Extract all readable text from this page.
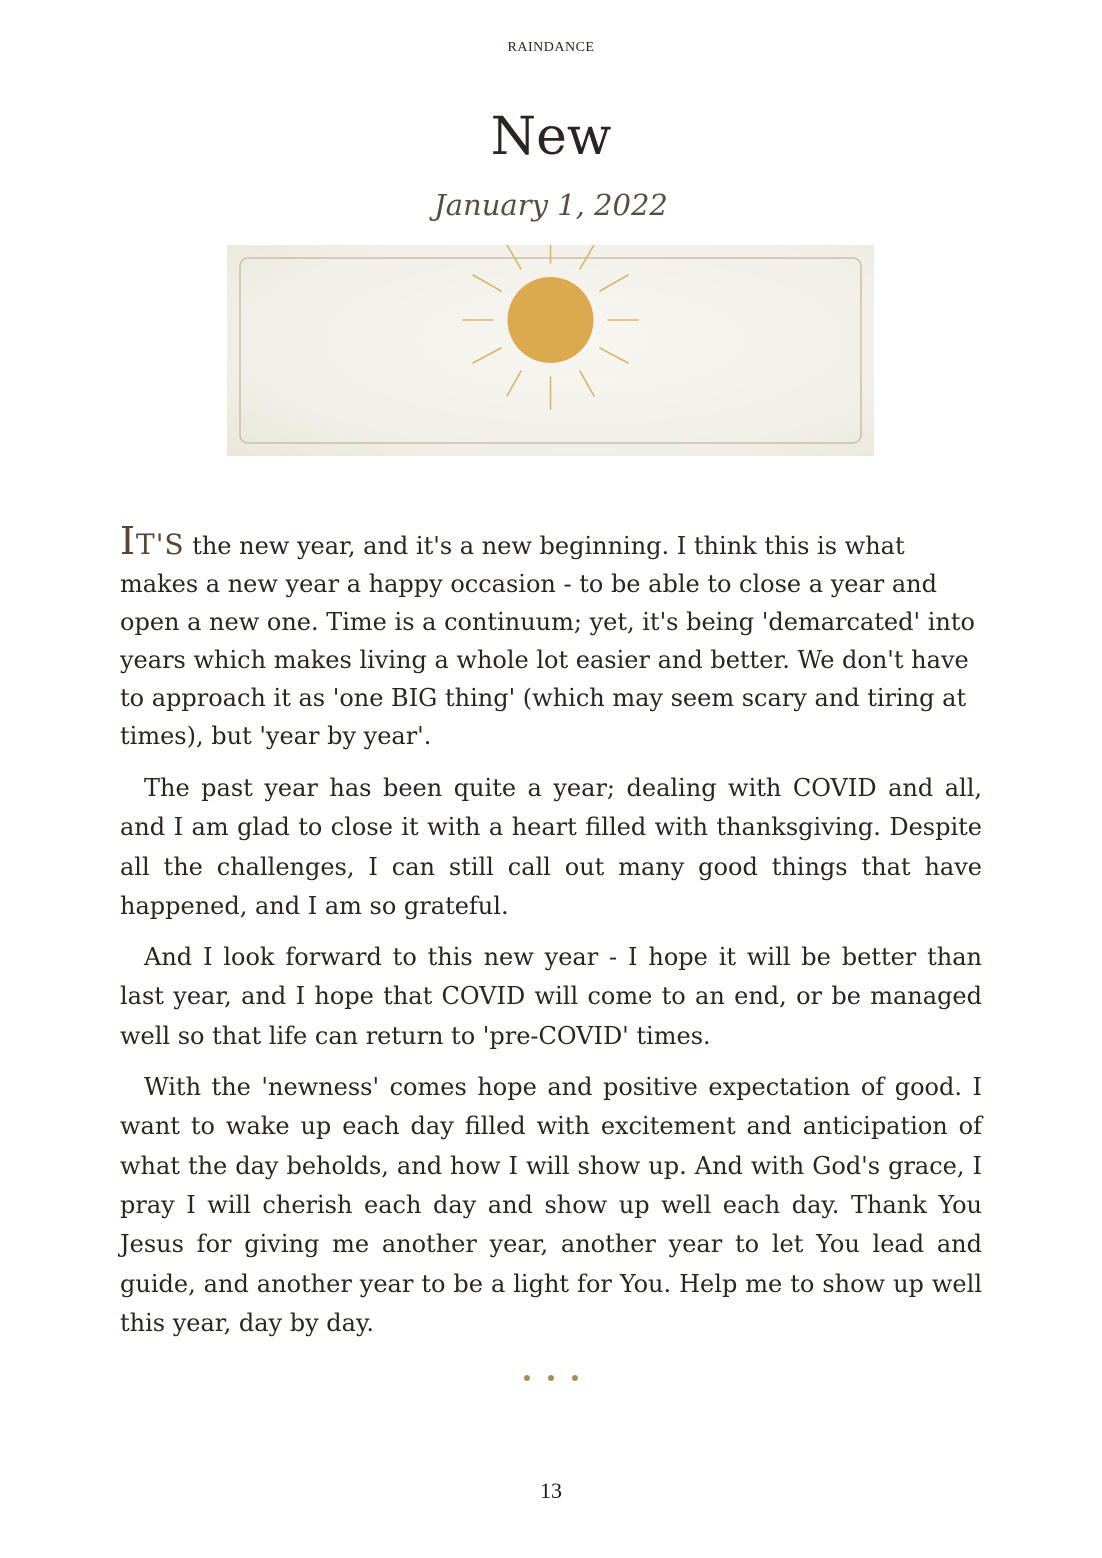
RAINDANCE
New
January 1, 2022

IT'S the new year, and it's a new beginning. I think this is what makes a new year a happy occasion - to be able to close a year and open a new one. Time is a continuum; yet, it's being 'demarcated' into years which makes living a whole lot easier and better. We don't have to approach it as 'one BIG thing' (which may seem scary and tiring at times), but 'year by year'.

The past year has been quite a year; dealing with COVID and all, and I am glad to close it with a heart filled with thanksgiving. Despite all the challenges, I can still call out many good things that have happened, and I am so grateful.

And I look forward to this new year - I hope it will be better than last year, and I hope that COVID will come to an end, or be managed well so that life can return to 'pre-COVID' times.

With the 'newness' comes hope and positive expectation of good. I want to wake up each day filled with excitement and anticipation of what the day beholds, and how I will show up. And with God's grace, I pray I will cherish each day and show up well each day. Thank You Jesus for giving me another year, another year to let You lead and guide, and another year to be a light for You. Help me to show up well this year, day by day.

13
